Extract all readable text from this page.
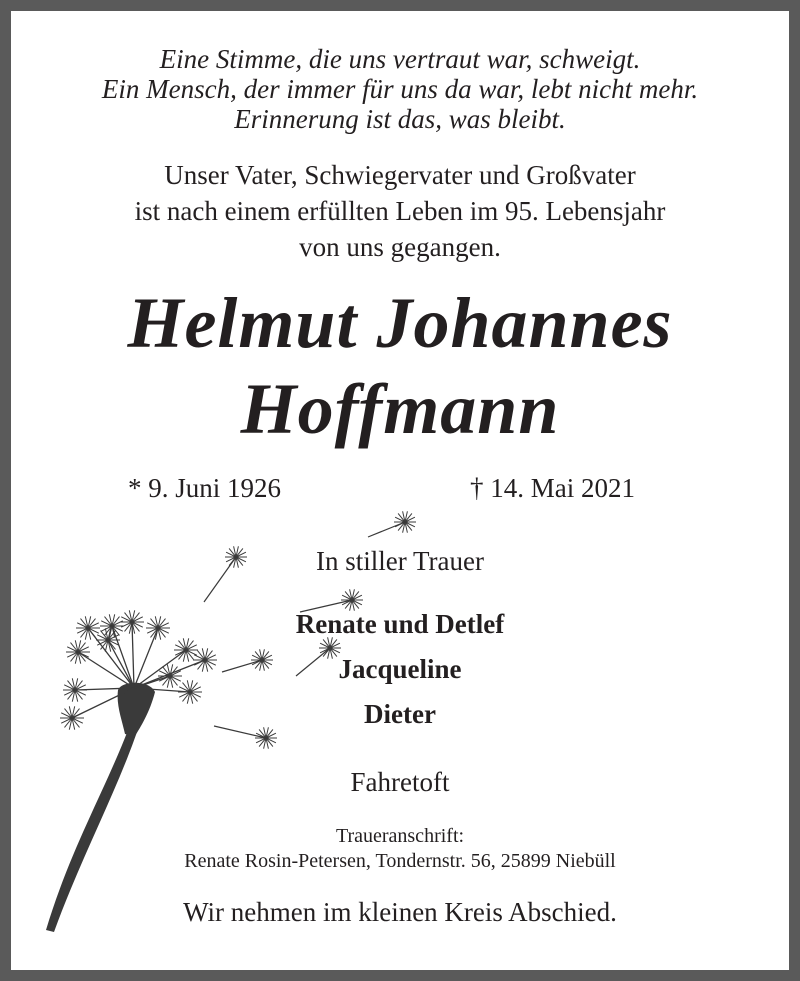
Eine Stimme, die uns vertraut war, schweigt.
Ein Mensch, der immer für uns da war, lebt nicht mehr.
Erinnerung ist das, was bleibt.

Unser Vater, Schwiegervater und Großvater
ist nach einem erfüllten Leben im 95. Lebensjahr
von uns gegangen.

Helmut Johannes
Hoffmann
* 9. Juni 1926	† 14. Mai 2021

In stiller Trauer

Renate und Detlef

Jacqueline

Dieter

Fahretoft

Traueranschrift:

Renate Rosin-Petersen, Tondernstr. 56, 25899 Niebüll

Wir nehmen im kleinen Kreis Abschied.
